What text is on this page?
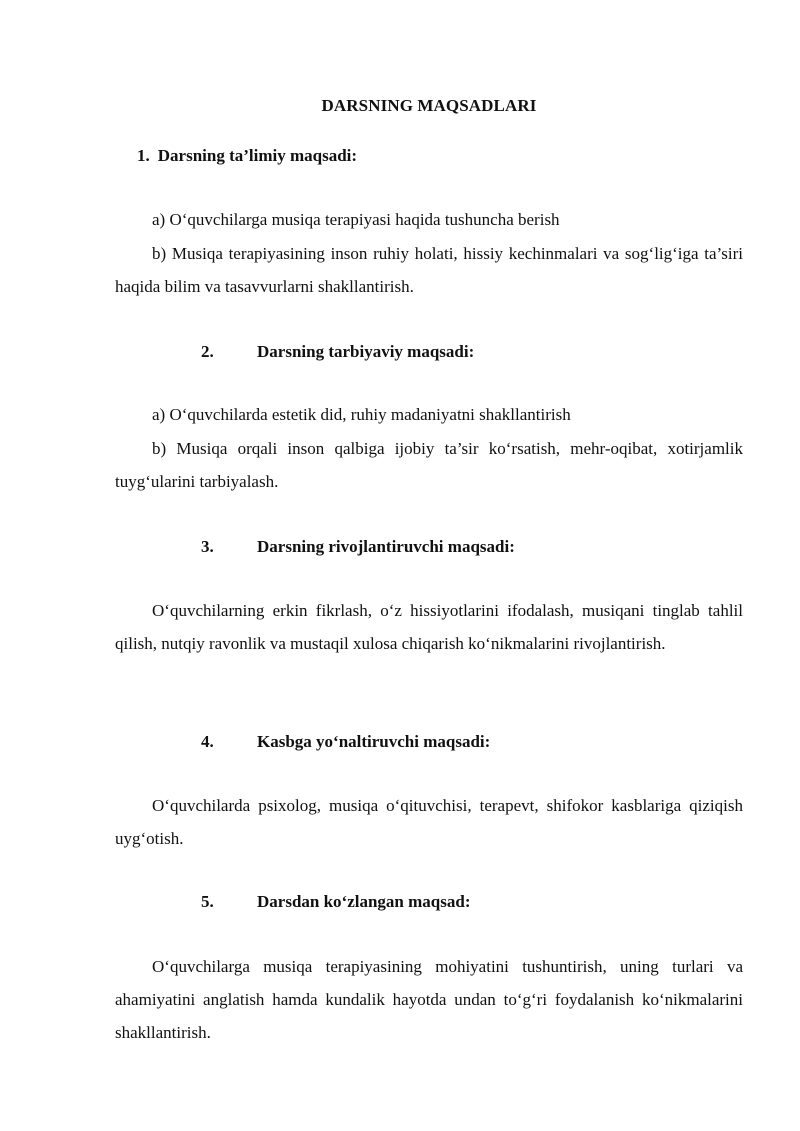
DARSNING MAQSADLARI
1. Darsning ta’limiy maqsadi:
a) O‘quvchilarga musiqa terapiyasi haqida tushuncha berish
b) Musiqa terapiyasining inson ruhiy holati, hissiy kechinmalari va sog‘lig‘iga ta’siri haqida bilim va tasavvurlarni shakllantirish.
2.	Darsning tarbiyaviy maqsadi:
a) O‘quvchilarda estetik did, ruhiy madaniyatni shakllantirish
b) Musiqa orqali inson qalbiga ijobiy ta’sir ko‘rsatish, mehr-oqibat, xotirjamlik tuyg‘ularini tarbiyalash.
3.	Darsning rivojlantiruvchi maqsadi:
O‘quvchilarning erkin fikrlash, o‘z hissiyotlarini ifodalash, musiqani tinglab tahlil qilish, nutqiy ravonlik va mustaqil xulosa chiqarish ko‘nikmalarini rivojlantirish.
4.	Kasbga yo‘naltiruvchi maqsadi:
O‘quvchilarda psixolog, musiqa o‘qituvchisi, terapevt, shifokor kasblariga qiziqish uyg‘otish.
5.	Darsdan ko‘zlangan maqsad:
O‘quvchilarga musiqa terapiyasining mohiyatini tushuntirish, uning turlari va ahamiyatini anglatish hamda kundalik hayotda undan to‘g‘ri foydalanish ko‘nikmalarini shakllantirish.
